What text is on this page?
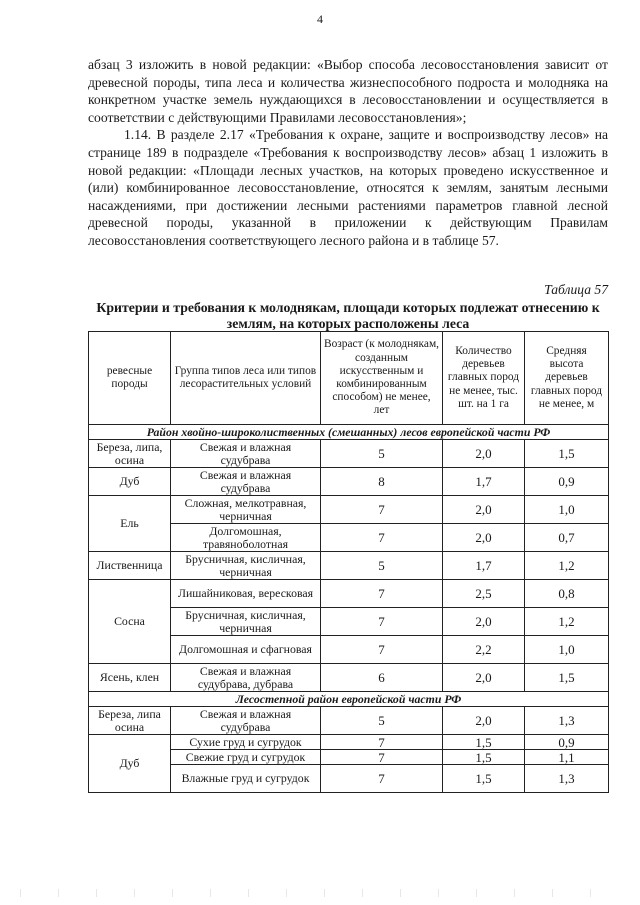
4

абзац 3 изложить в новой редакции: «Выбор способа лесовосстановления зависит от древесной породы, типа леса и количества жизнеспособного подроста и молодняка на конкретном участке земель нуждающихся в лесовосстановлении и осуществляется в соответствии с действующими Правилами лесовосстановления»;

1.14. В разделе 2.17 «Требования к охране, защите и воспроизводству лесов» на странице 189 в подразделе «Требования к воспроизводству лесов» абзац 1 изложить в новой редакции: «Площади лесных участков, на которых проведено искусственное и (или) комбинированное лесовосстановление, относятся к землям, занятым лесными насаждениями, при достижении лесными растениями параметров главной лесной древесной породы, указанной в приложении к действующим Правилам лесовосстановления соответствующего лесного района и в таблице 57.

Таблица 57
Критерии и требования к молоднякам, площади которых подлежат отнесению к землям, на которых расположены леса
ревесные породы	Группа типов леса или типов лесорастительных условий	Возраст (к молоднякам, созданным искусственным и комбинированным способом) не менее, лет	Количество деревьев главных пород не менее, тыс. шт. на 1 га	Средняя высота деревьев главных пород не менее, м
Район хвойно-широколиственных (смешанных) лесов европейской части РФ				
Береза, липа, осина	Свежая и влажная судубрава	5	2,0	1,5
Дуб	Свежая и влажная судубрава	8	1,7	0,9
Ель	Сложная, мелкотравная, черничная	7	2,0	1,0
	Долгомошная, травяноболотная	7	2,0	0,7
Лиственница	Брусничная, кисличная, черничная	5	1,7	1,2
Сосна	Лишайниковая, вересковая	7	2,5	0,8
	Брусничная, кисличная, черничная	7	2,0	1,2
	Долгомошная и сфагновая	7	2,2	1,0
Ясень, клен	Свежая и влажная судубрава, дубрава	6	2,0	1,5
Лесостепной район европейской части РФ				
Береза, липа осина	Свежая и влажная судубрава	5	2,0	1,3
Дуб	Сухие груд и сугрудок	7	1,5	0,9
	Свежие груд и сугрудок	7	1,5	1,1
	Влажные груд и сугрудок	7	1,5	1,3
